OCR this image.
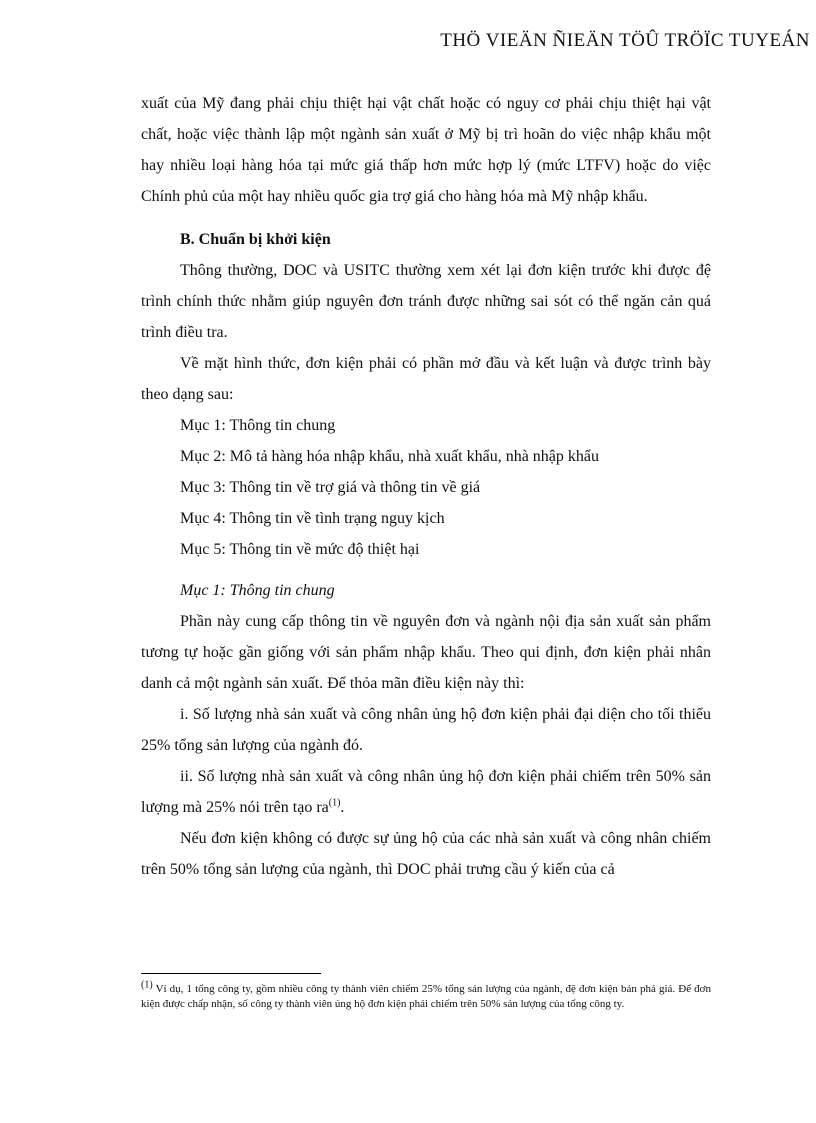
THÖ VIEÄN ÑIEÄN TÖÛ TRÖÏC TUYEÁN

xuất của Mỹ đang phải chịu thiệt hại vật chất hoặc có nguy cơ phải chịu thiệt hại vật chất, hoặc việc thành lập một ngành sản xuất ở Mỹ bị trì hoãn do việc nhập khẩu một hay nhiều loại hàng hóa tại mức giá thấp hơn mức hợp lý (mức LTFV) hoặc do việc Chính phủ của một hay nhiều quốc gia trợ giá cho hàng hóa mà Mỹ nhập khẩu.

B. Chuẩn bị khởi kiện

Thông thường, DOC và USITC thường xem xét lại đơn kiện trước khi được đệ trình chính thức nhằm giúp nguyên đơn tránh được những sai sót có thể ngăn cản quá trình điều tra.

Về mặt hình thức, đơn kiện phải có phần mở đầu và kết luận và được trình bày theo dạng sau:

Mục 1: Thông tin chung

Mục 2: Mô tả hàng hóa nhập khẩu, nhà xuất khẩu, nhà nhập khẩu

Mục 3: Thông tin về trợ giá và thông tin về giá

Mục 4: Thông tin về tình trạng nguy kịch

Mục 5: Thông tin về mức độ thiệt hại

Mục 1: Thông tin chung

Phần này cung cấp thông tin về nguyên đơn và ngành nội địa sản xuất sản phẩm tương tự hoặc gần giống với sản phẩm nhập khẩu. Theo qui định, đơn kiện phải nhân danh cả một ngành sản xuất. Để thỏa mãn điều kiện này thì:

i. Số lượng nhà sản xuất và công nhân ủng hộ đơn kiện phải đại diện cho tối thiểu 25% tổng sản lượng của ngành đó.

ii. Số lượng nhà sản xuất và công nhân ủng hộ đơn kiện phải chiếm trên 50% sản lượng mà 25% nói trên tạo $ra^{(1)}$.

Nếu đơn kiện không có được sự ủng hộ của các nhà sản xuất và công nhân chiếm trên 50% tổng sản lượng của ngành, thì DOC phải trưng cầu ý kiến của cả

$^{(1)}$ Ví dụ, 1 tổng công ty, gồm nhiều công ty thành viên chiếm 25% tổng sản lượng của ngành, đệ đơn kiện bán phá giá. Để đơn kiện được chấp nhận, số công ty thành viên ủng hộ đơn kiện phải chiếm trên 50% sản lượng của tổng công ty.
